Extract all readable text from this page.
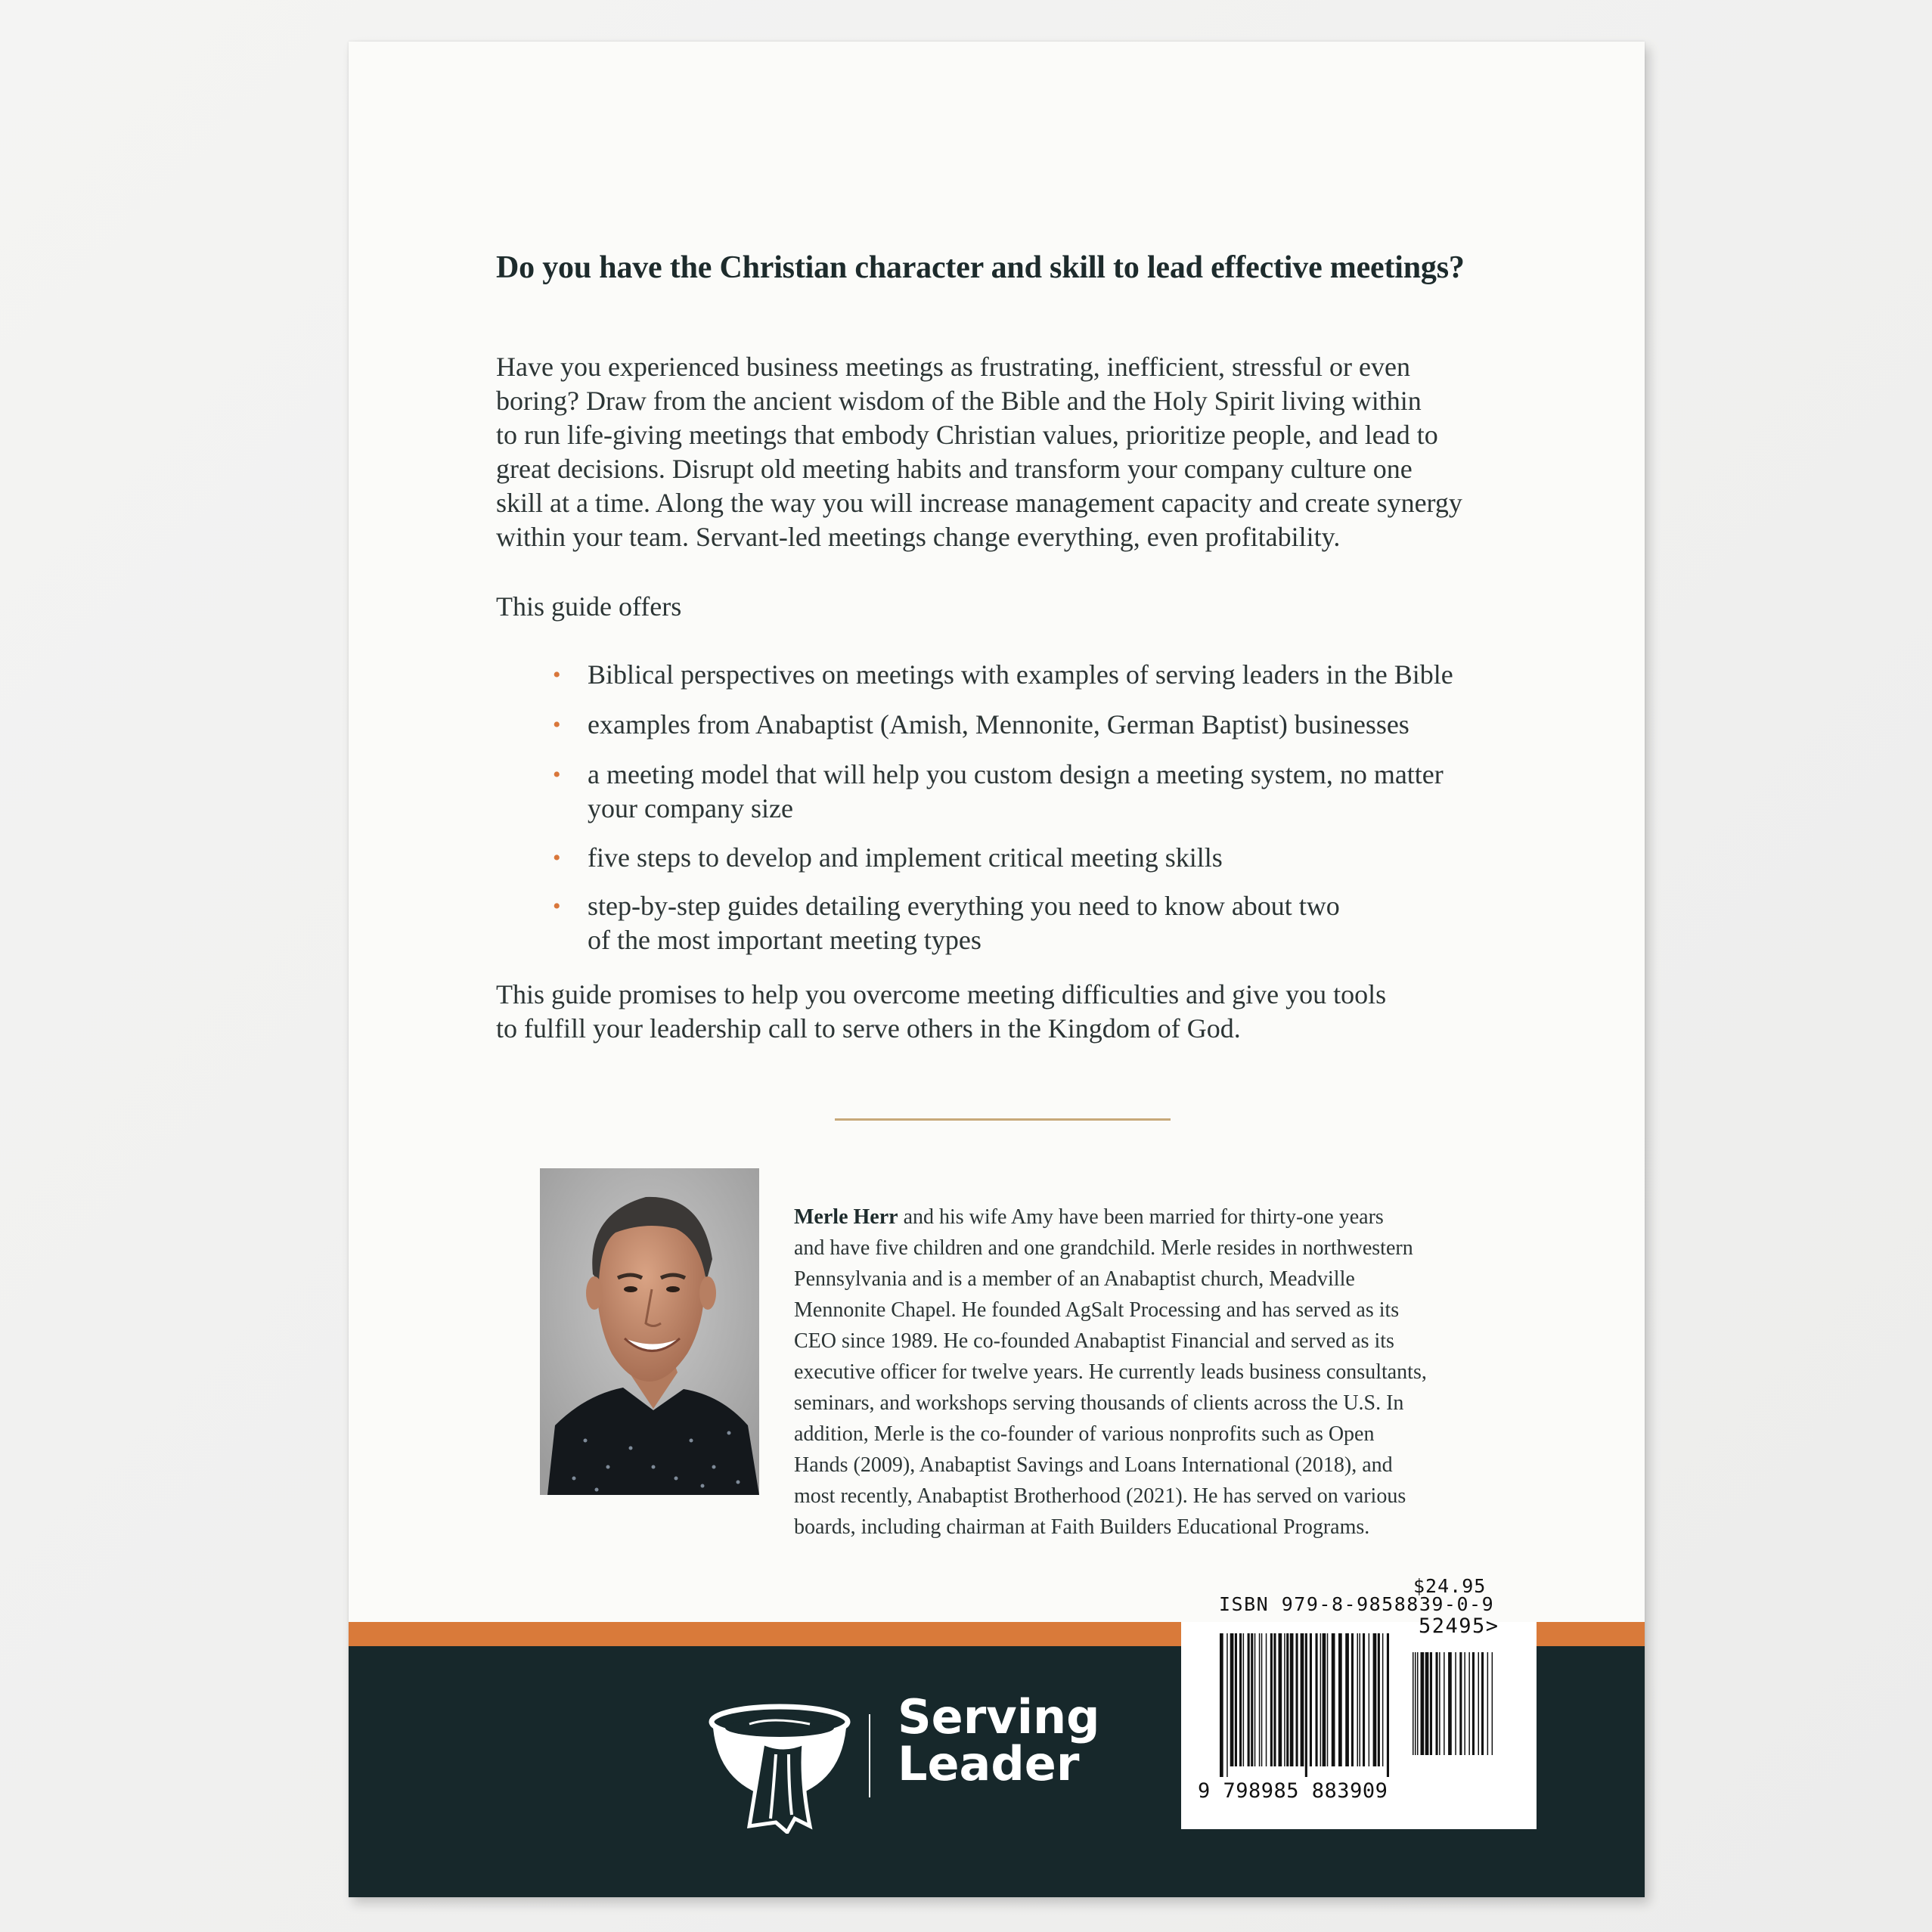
Do you have the Christian character and skill to lead effective meetings?

Have you experienced business meetings as frustrating, inefficient, stressful or even
boring? Draw from the ancient wisdom of the Bible and the Holy Spirit living within
to run life-giving meetings that embody Christian values, prioritize people, and lead to
great decisions. Disrupt old meeting habits and transform your company culture one
skill at a time. Along the way you will increase management capacity and create synergy
within your team. Servant-led meetings change everything, even profitability.

This guide offers

• Biblical perspectives on meetings with examples of serving leaders in the Bible
• examples from Anabaptist (Amish, Mennonite, German Baptist) businesses
• a meeting model that will help you custom design a meeting system, no matter
your company size
• five steps to develop and implement critical meeting skills
• step-by-step guides detailing everything you need to know about two
of the most important meeting types

This guide promises to help you overcome meeting difficulties and give you tools
to fulfill your leadership call to serve others in the Kingdom of God.

Merle Herr and his wife Amy have been married for thirty-one years
and have five children and one grandchild. Merle resides in northwestern
Pennsylvania and is a member of an Anabaptist church, Meadville
Mennonite Chapel. He founded AgSalt Processing and has served as its
CEO since 1989. He co-founded Anabaptist Financial and served as its
executive officer for twelve years. He currently leads business consultants,
seminars, and workshops serving thousands of clients across the U.S. In
addition, Merle is the co-founder of various nonprofits such as Open
Hands (2009), Anabaptist Savings and Loans International (2018), and
most recently, Anabaptist Brotherhood (2021). He has served on various
boards, including chairman at Faith Builders Educational Programs.
Serving
Leader
$24.95
ISBN 979-8-9858839-0-9
52495>
9 798985 883909
